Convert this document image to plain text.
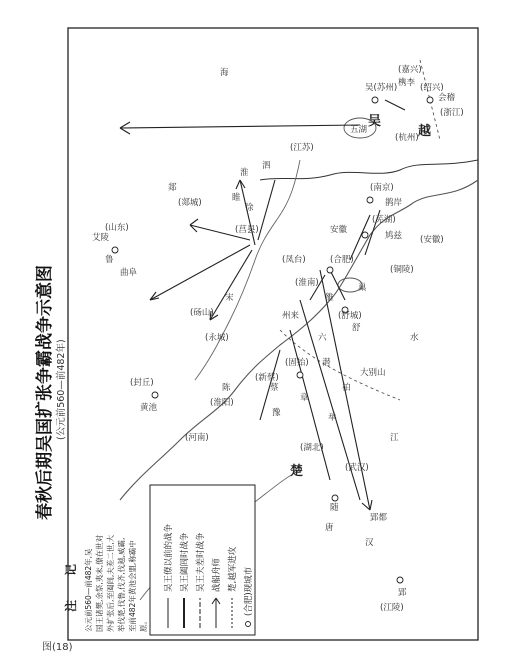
图(18)
春秋后期吴国扩张争霸战争示意图 (公元前560—前482年)
吴
越
(浙江)
(绍兴)
会稽
吴(苏州)
(嘉兴)
槜李
(杭州)
五湖
海
(江苏)
(南京)
(芜湖)
鸠兹
安徽
(安徽)
(铜陵)
(山东)
鲁
曲阜
艾陵
郯
(郯城)	徐
睢
(莒县)
黄池
(封丘)
(河南)
(砀山)
(永城)
(淮阳)
陈
宋
州来
(凤台)
(淮南)
(合肥)
(舒城)
舒
巢
鹊岸
雒
(新蔡)
蔡
(固始)
六
潜
豫
章
柏
举
(湖北)
楚	(武汉)
郢
(江陵)
随
唐
郢都
大别山
淮
泗
江
汉
水
注　　记 公元前560—前482年,吴 国王诸樊,余祭,夷末,僚在世对 外扩张后,至阖闾,夫差二世,大 举伐楚,伐鲁,伐齐,伐越,威霸, 至前482年黄池会盟,称霸中 原。
吴王僚以前的战争 吴王阖闾时战争 吴王夫差时战争 战船舟师 楚,越军进攻 (合肥)现城市
